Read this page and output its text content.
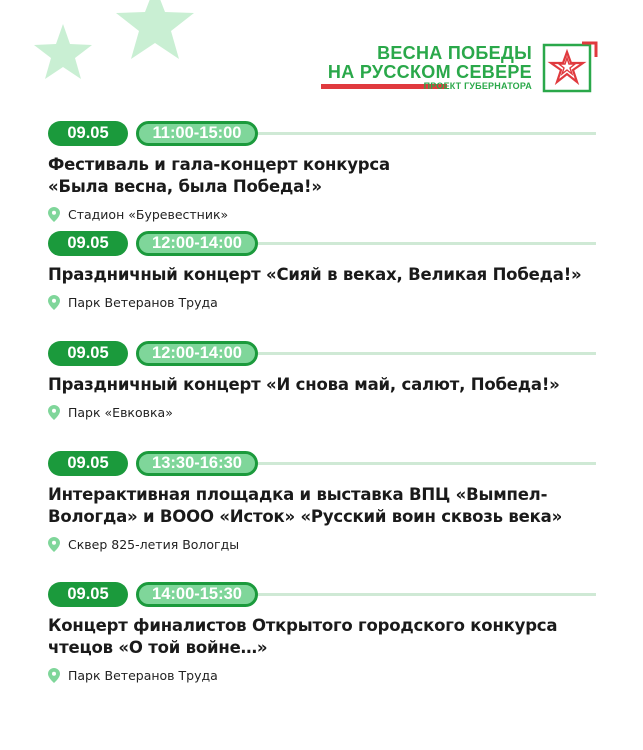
ВЕСНА ПОБЕДЫ
НА РУССКОМ СЕВЕРЕ
ПРОЕКТ ГУБЕРНАТОРА
09.05	11:00-15:00
Фестиваль и гала-концерт конкурса
«Была весна, была Победа!»
Стадион «Буревестник»
09.05	12:00-14:00
Праздничный концерт «Сияй в веках, Великая Победа!»
Парк Ветеранов Труда
09.05	12:00-14:00
Праздничный концерт «И снова май, салют, Победа!»
Парк «Евковка»
09.05	13:30-16:30
Интерактивная площадка и выставка ВПЦ «Вымпел-
Вологда» и ВООО «Исток» «Русский воин сквозь века»
Сквер 825-летия Вологды
09.05	14:00-15:30
Концерт финалистов Открытого городского конкурса
чтецов «О той войне…»
Парк Ветеранов Труда
